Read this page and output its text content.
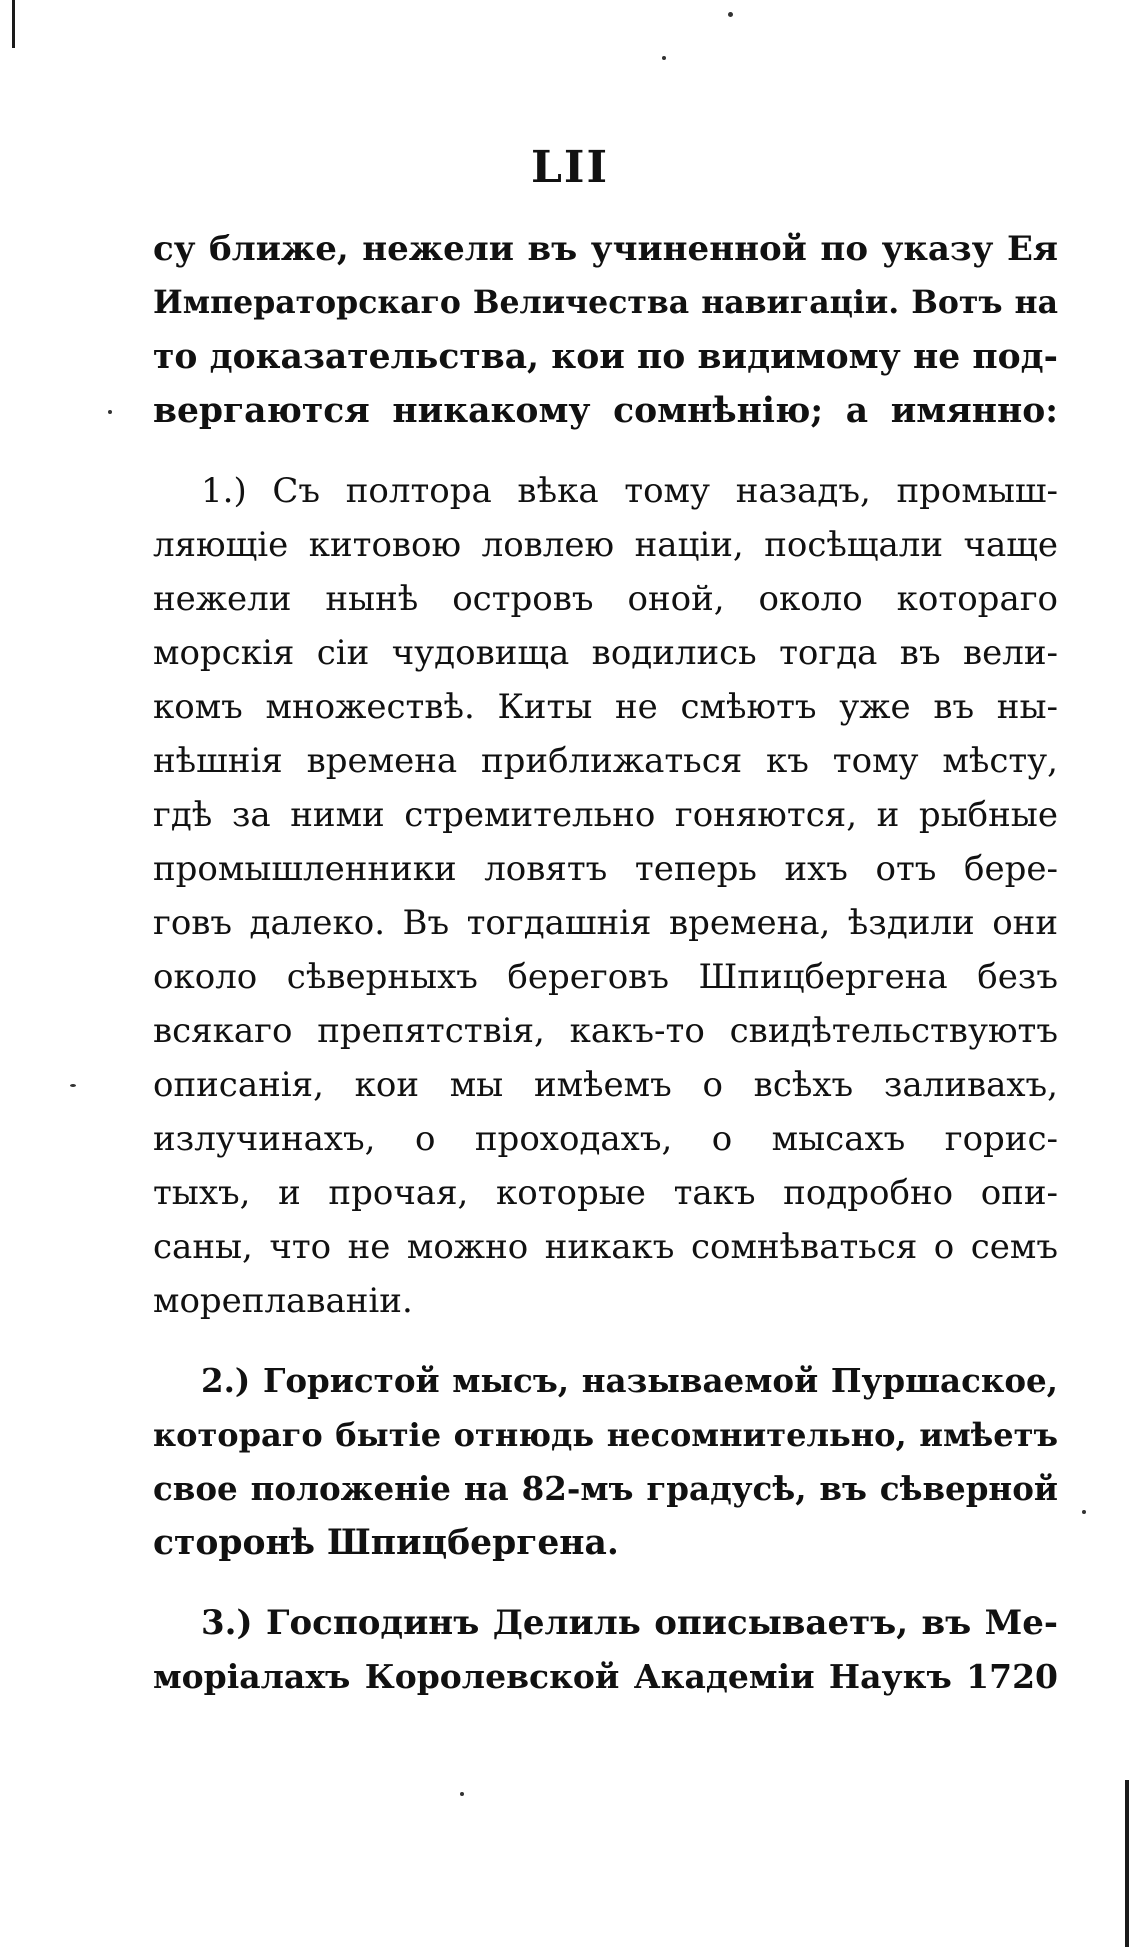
LII
су ближе, нежели въ учиненной по указу Ея
Императорскаго Величества навигаціи. Вотъ на
то доказательства, кои по видимому не под-
вергаются никакому сомнѣнію; а имянно:
1.) Съ полтора вѣка тому назадъ, промыш-
ляющіе китовою ловлею націи, посѣщали чаще
нежели нынѣ островъ оной, около котораго
морскія сіи чудовища водились тогда въ вели-
комъ множествѣ. Киты не смѣютъ уже въ ны-
нѣшнія времена приближаться къ тому мѣсту,
гдѣ за ними стремительно гоняются, и рыбные
промышленники ловятъ теперь ихъ отъ бере-
говъ далеко. Въ тогдашнія времена, ѣздили они
около сѣверныхъ береговъ Шпицбергена безъ
всякаго препятствія, какъ-то свидѣтельствуютъ
описанія, кои мы имѣемъ о всѣхъ заливахъ,
излучинахъ, о проходахъ, о мысахъ горис-
тыхъ, и прочая, которые такъ подробно опи-
саны, что не можно никакъ сомнѣваться о семъ
мореплаваніи.
2.) Гористой мысъ, называемой Пуршаское,
котораго бытіе отнюдь несомнительно, имѣетъ
свое положеніе на 82-мъ градусѣ, въ сѣверной
сторонѣ Шпицбергена.
3.) Господинъ Делиль описываетъ, въ Ме-
моріалахъ Королевской Академіи Наукъ 1720
